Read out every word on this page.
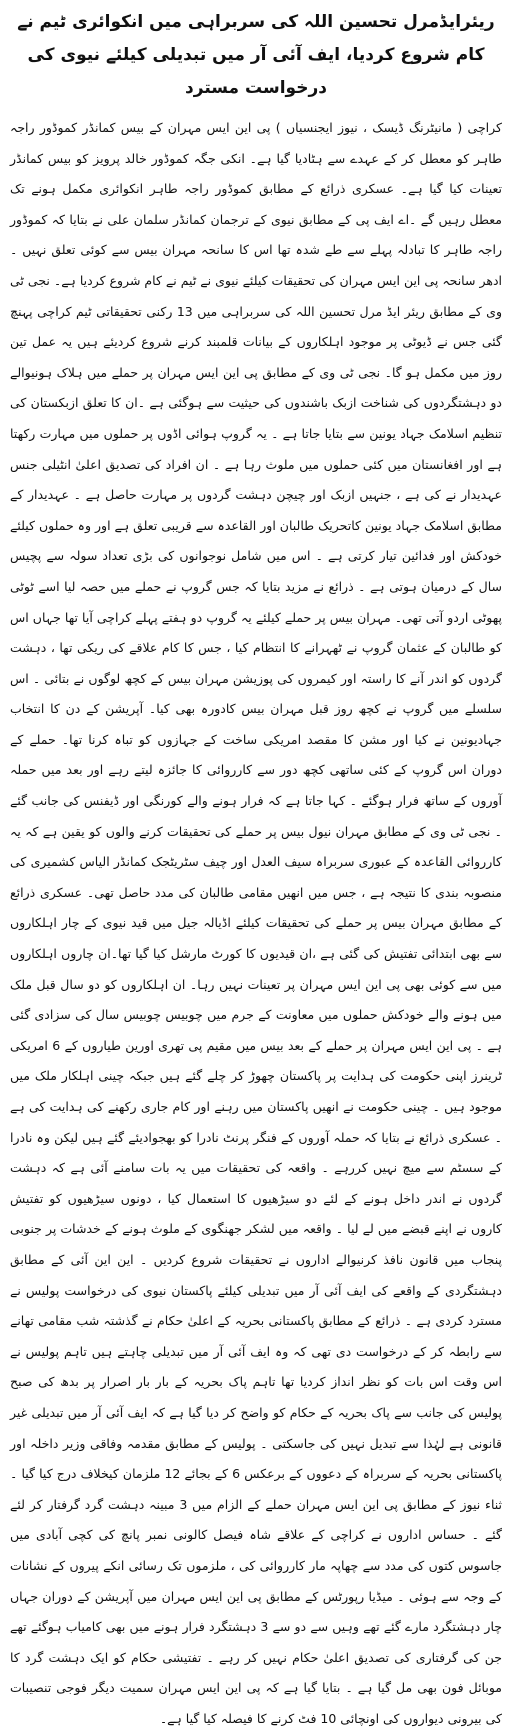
ریئرایڈمرل تحسین اللہ کی سربراہی میں انکوائری ٹیم نے کام شروع کردیا، ایف آئی آر میں تبدیلی کیلئے نیوی کی درخواست مسترد

کراچی ( مانیٹرنگ ڈیسک ، نیوز ایجنسیاں ) پی این ایس مہران کے بیس کمانڈر کموڈور راجہ طاہر کو معطل کر کے عہدے سے ہٹادیا گیا ہے۔ انکی جگہ کموڈور خالد پرویز کو بیس کمانڈر تعینات کیا گیا ہے۔ عسکری ذرائع کے مطابق کموڈور راجہ طاہر انکوائری مکمل ہونے تک معطل رہیں گے ۔اے ایف پی کے مطابق نیوی کے ترجمان کمانڈر سلمان علی نے بتایا کہ کموڈور راجہ طاہر کا تبادلہ پہلے سے طے شدہ تھا اس کا سانحہ مہران بیس سے کوئی تعلق نہیں ۔ ادھر سانحہ پی این ایس مہران کی تحقیقات کیلئے نیوی نے ٹیم نے کام شروع کردیا ہے۔ نجی ٹی وی کے مطابق ریئر ایڈ مرل تحسین اللہ کی سربراہی میں 13 رکنی تحقیقاتی ٹیم کراچی پہنچ گئی جس نے ڈیوٹی پر موجود اہلکاروں کے بیانات قلمبند کرنے شروع کردیئے ہیں یہ عمل تین روز میں مکمل ہو گا۔ نجی ٹی وی کے مطابق پی این ایس مہران پر حملے میں ہلاک ہونیوالے دو دہشتگردوں کی شناخت ازبک باشندوں کی حیثیت سے ہوگئی ہے ۔ان کا تعلق ازبکستان کی تنظیم اسلامک جہاد یونین سے بتایا جاتا ہے ۔ یہ گروپ ہوائی اڈوں پر حملوں میں مہارت رکھتا ہے اور افغانستان میں کئی حملوں میں ملوث رہا ہے ۔ ان افراد کی تصدیق اعلیٰ انٹیلی جنس عہدیدار نے کی ہے ، جنہیں ازبک اور چیچن دہشت گردوں پر مہارت حاصل ہے ۔ عہدیدار کے مطابق اسلامک جہاد یونین کاتحریک طالبان اور القاعدہ سے قریبی تعلق ہے اور وہ حملوں کیلئے خودکش اور فدائین تیار کرتی ہے ۔ اس میں شامل نوجوانوں کی بڑی تعداد سولہ سے پچیس سال کے درمیان ہوتی ہے ۔ ذرائع نے مزید بتایا کہ جس گروپ نے حملے میں حصہ لیا اسے ٹوٹی پھوٹی اردو آتی تھی۔ مہران بیس پر حملے کیلئے یہ گروپ دو ہفتے پہلے کراچی آیا تھا جہاں اس کو طالبان کے عثمان گروپ نے ٹھہرانے کا انتظام کیا ، جس کا کام علاقے کی ریکی تھا ، دہشت گردوں کو اندر آنے کا راستہ اور کیمروں کی پوزیشن مہران بیس کے کچھ لوگوں نے بتائی ۔ اس سلسلے میں گروپ نے کچھ روز قبل مہران بیس کادورہ بھی کیا۔ آپریشن کے دن کا انتخاب جہادیونین نے کیا اور مشن کا مقصد امریکی ساخت کے جہازوں کو تباہ کرنا تھا۔ حملے کے دوران اس گروپ کے کئی ساتھی کچھ دور سے کارروائی کا جائزہ لیتے رہے اور بعد میں حملہ آوروں کے ساتھ فرار ہوگئے ۔ کہا جاتا ہے کہ فرار ہونے والے کورنگی اور ڈیفنس کی جانب گئے ۔ نجی ٹی وی کے مطابق مہران نیول بیس پر حملے کی تحقیقات کرنے والوں کو یقین ہے کہ یہ کارروائی القاعدہ کے عبوری سربراہ سیف العدل اور چیف سٹریٹجک کمانڈر الیاس کشمیری کی منصوبہ بندی کا نتیجہ ہے ، جس میں انھیں مقامی طالبان کی مدد حاصل تھی۔ عسکری ذرائع کے مطابق مہران بیس پر حملے کی تحقیقات کیلئے اڈیالہ جیل میں قید نیوی کے چار اہلکاروں سے بھی ابتدائی تفتیش کی گئی ہے ،ان قیدیوں کا کورٹ مارشل کیا گیا تھا۔ان چاروں اہلکاروں میں سے کوئی بھی پی این ایس مہران پر تعینات نہیں رہا۔ ان اہلکاروں کو دو سال قبل ملک میں ہونے والے خودکش حملوں میں معاونت کے جرم میں چوبیس چوبیس سال کی سزادی گئی ہے ۔ پی این ایس مہران پر حملے کے بعد بیس میں مقیم پی تھری اورین طیاروں کے 6 امریکی ٹرینرز اپنی حکومت کی ہدایت پر پاکستان چھوڑ کر چلے گئے ہیں جبکہ چینی اہلکار ملک میں موجود ہیں ۔ چینی حکومت نے انھیں پاکستان میں رہنے اور کام جاری رکھنے کی ہدایت کی ہے ۔ عسکری ذرائع نے بتایا کہ حملہ آوروں کے فنگر پرنٹ نادرا کو بھجوادیئے گئے ہیں لیکن وہ نادرا کے سسٹم سے میچ نہیں کررہے ۔ واقعہ کی تحقیقات میں یہ بات سامنے آئی ہے کہ دہشت گردوں نے اندر داخل ہونے کے لئے دو سیڑھیوں کا استعمال کیا ، دونوں سیڑھیوں کو تفتیش کاروں نے اپنے قبضے میں لے لیا ۔ واقعہ میں لشکر جھنگوی کے ملوث ہونے کے خدشات پر جنوبی پنجاب میں قانون نافذ کرنیوالے اداروں نے تحقیقات شروع کردیں ۔ این این آئی کے مطابق دہشتگردی کے واقعے کی ایف آئی آر میں تبدیلی کیلئے پاکستان نیوی کی درخواست پولیس نے مسترد کردی ہے ۔ ذرائع کے مطابق پاکستانی بحریہ کے اعلیٰ حکام نے گذشتہ شب مقامی تھانے سے رابطہ کر کے درخواست دی تھی کہ وہ ایف آئی آر میں تبدیلی چاہتے ہیں تاہم پولیس نے اس وقت اس بات کو نظر انداز کردیا تھا تاہم پاک بحریہ کے بار بار اصرار پر بدھ کی صبح پولیس کی جانب سے پاک بحریہ کے حکام کو واضح کر دیا گیا ہے کہ ایف آئی آر میں تبدیلی غیر قانونی ہے لہٰذا سے تبدیل نہیں کی جاسکتی ۔ پولیس کے مطابق مقدمہ وفاقی وزیر داخلہ اور پاکستانی بحریہ کے سربراہ کے دعووں کے برعکس 6 کے بجائے 12 ملزمان کیخلاف درج کیا گیا ۔ ثناء نیوز کے مطابق پی این ایس مہران حملے کے الزام میں 3 مبینہ دہشت گرد گرفتار کر لئے گئے ۔ حساس اداروں نے کراچی کے علاقے شاہ فیصل کالونی نمبر پانچ کی کچی آبادی میں جاسوس کتوں کی مدد سے چھاپہ مار کارروائی کی ، ملزموں تک رسائی انکے پیروں کے نشانات کے وجہ سے ہوئی ۔ میڈیا رپورٹس کے مطابق پی این ایس مہران میں آپریشن کے دوران جہاں چار دہشتگرد مارے گئے تھے وہیں سے دو سے 3 دہشتگرد فرار ہونے میں بھی کامیاب ہوگئے تھے جن کی گرفتاری کی تصدیق اعلیٰ حکام نہیں کر رہے ۔ تفتیشی حکام کو ایک دہشت گرد کا موبائل فون بھی مل گیا ہے ۔ بتایا گیا ہے کہ پی این ایس مہران سمیت دیگر فوجی تنصیبات کی بیرونی دیواروں کی اونچائی 10 فٹ کرنے کا فیصلہ کیا گیا ہے۔
